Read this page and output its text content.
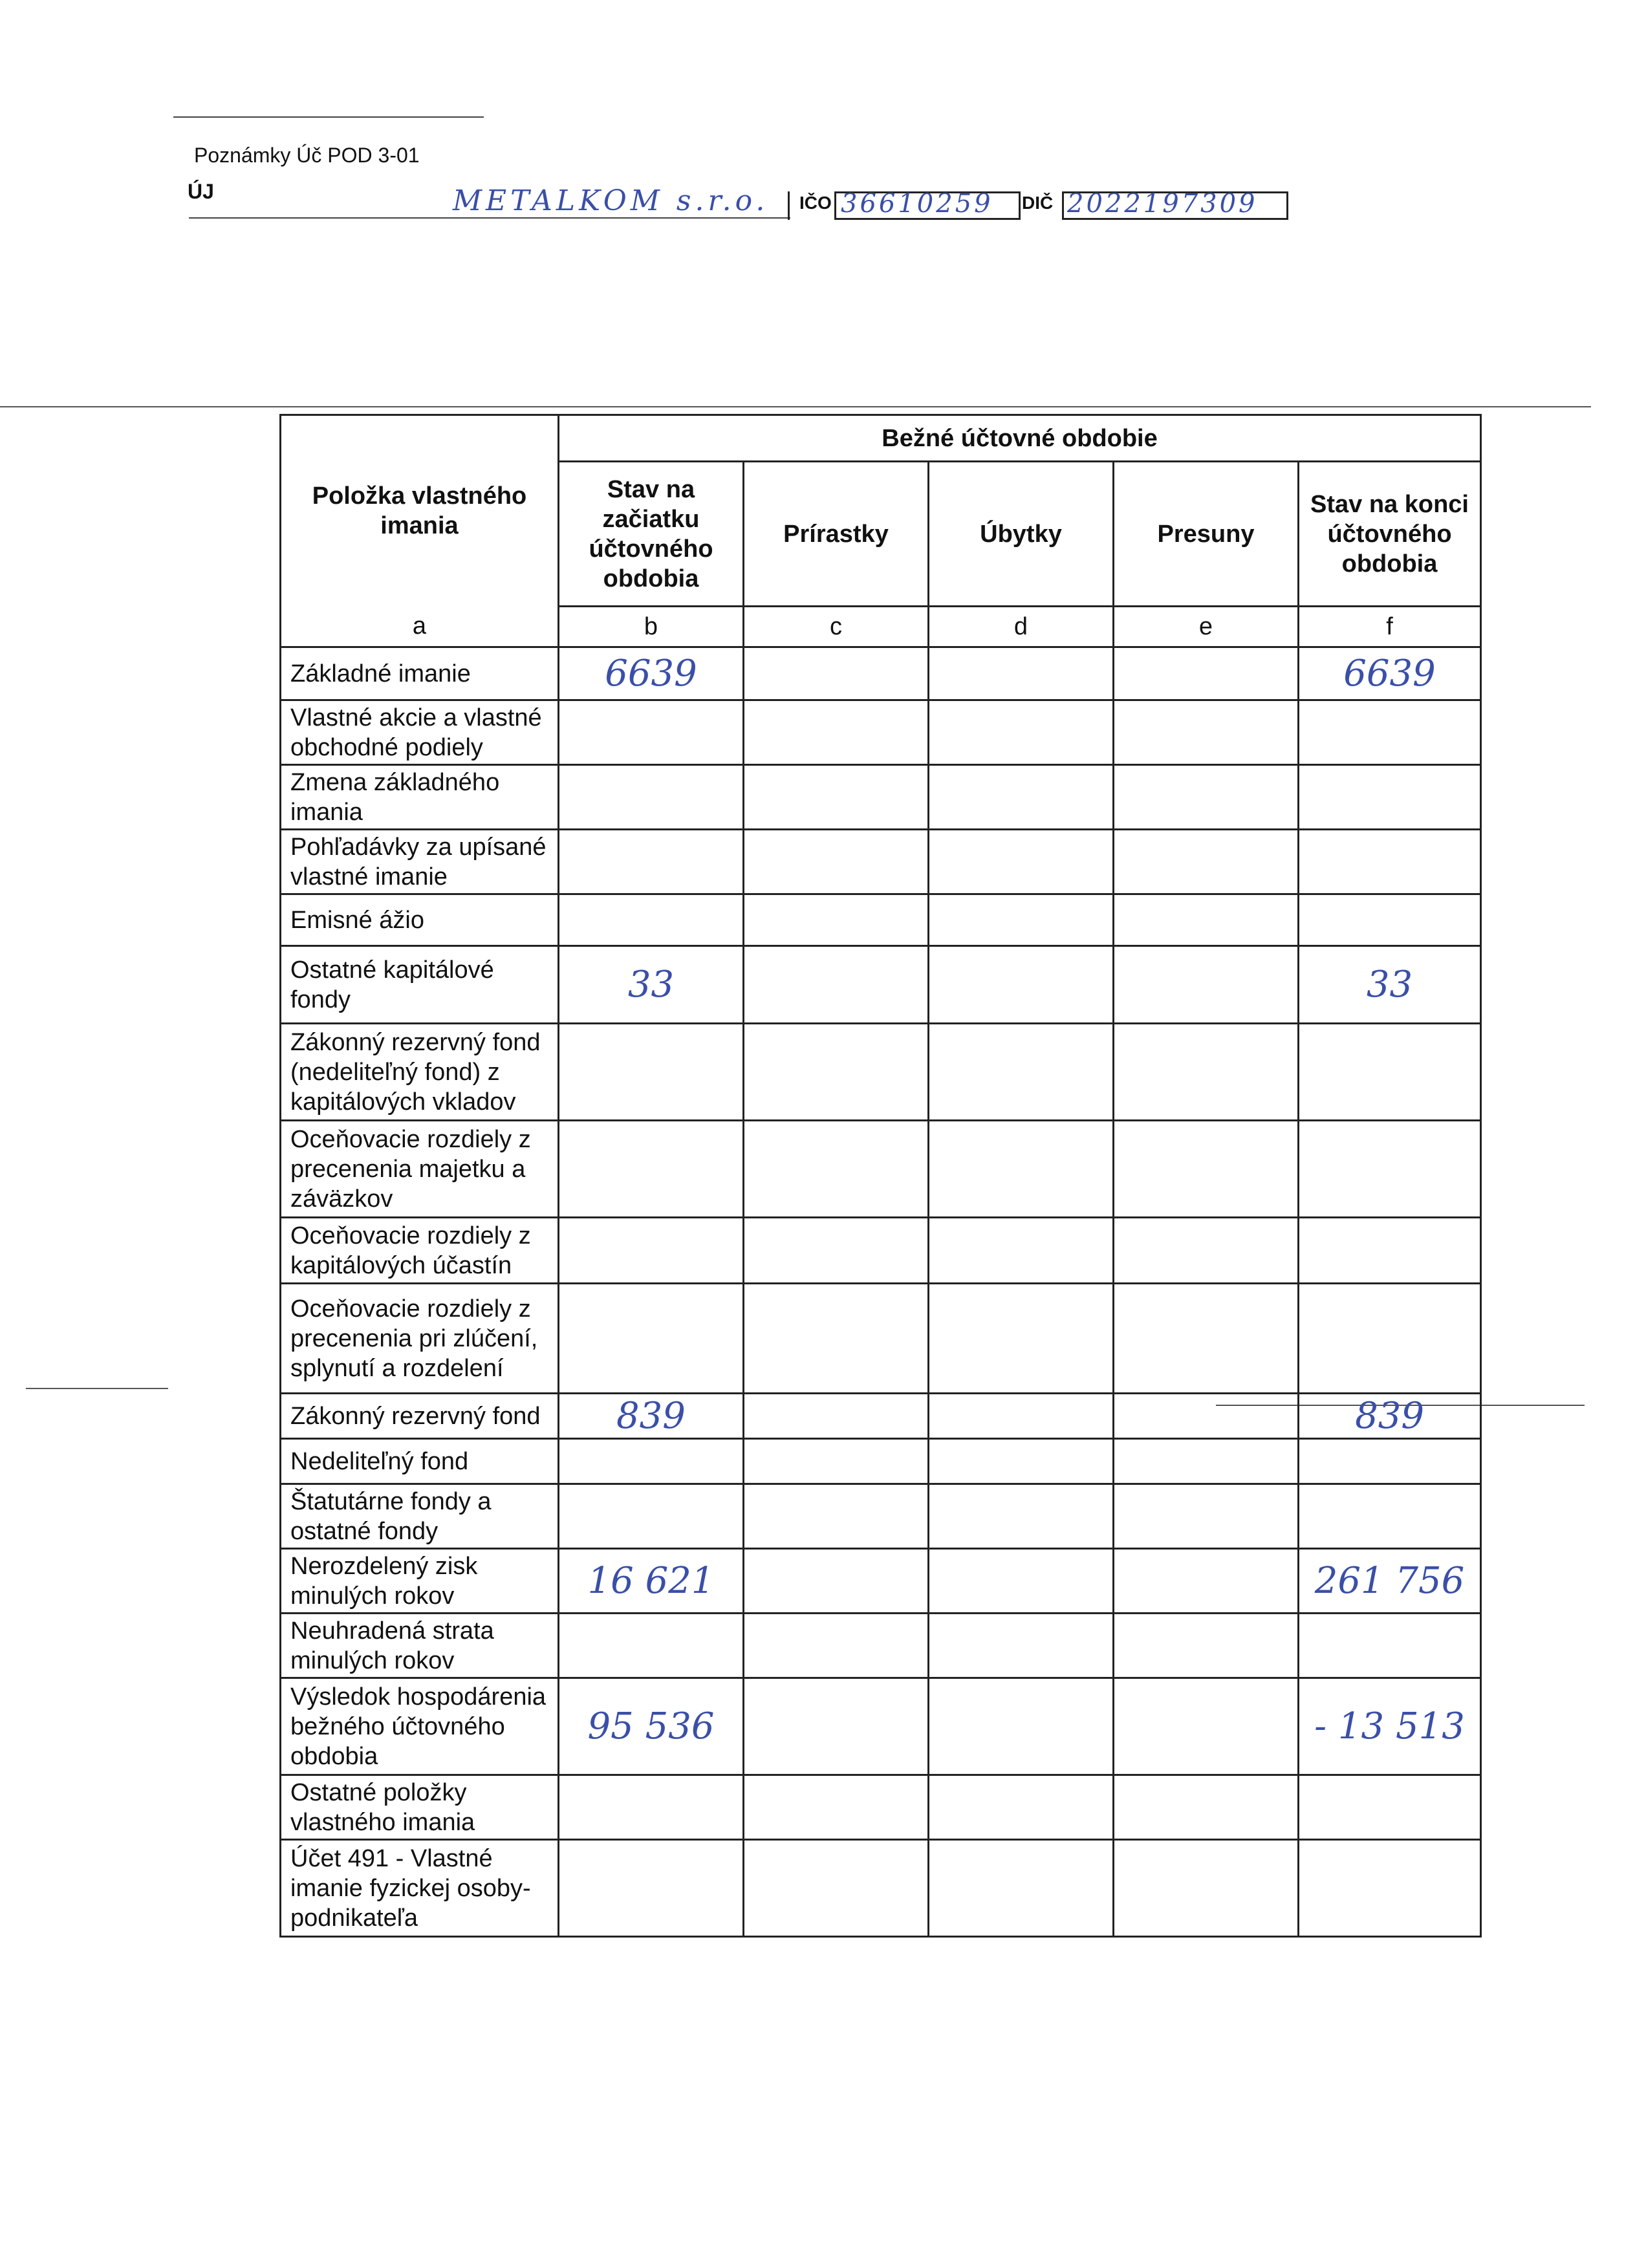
Poznámky Úč POD 3-01
ÚJ	METALKOM s.r.o. IČO 36610259 DIČ 2022197309
Položka vlastného imania	Bežné účtovné obdobie				
	Stav na začiatku účtovného obdobia	Prírastky	Úbytky	Presuny	Stav na konci účtovného obdobia
a	b	c	d	e	f
Základné imanie	6639				6639
Vlastné akcie a vlastné obchodné podiely					
Zmena základného imania					
Pohľadávky za upísané vlastné imanie					
Emisné ážio					
Ostatné kapitálové fondy	33				33
Zákonný rezervný fond (nedeliteľný fond) z kapitálových vkladov					
Oceňovacie rozdiely z precenenia majetku a záväzkov					
Oceňovacie rozdiely z kapitálových účastín					
Oceňovacie rozdiely z precenenia pri zlúčení, splynutí a rozdelení					
Zákonný rezervný fond	839				839
Nedeliteľný fond					
Štatutárne fondy a ostatné fondy					
Nerozdelený zisk minulých rokov	16 621				261 756
Neuhradená strata minulých rokov					
Výsledok hospodárenia bežného účtovného obdobia	95 536				- 13 513
Ostatné položky vlastného imania					
Účet 491 - Vlastné imanie fyzickej osoby-podnikateľa					
